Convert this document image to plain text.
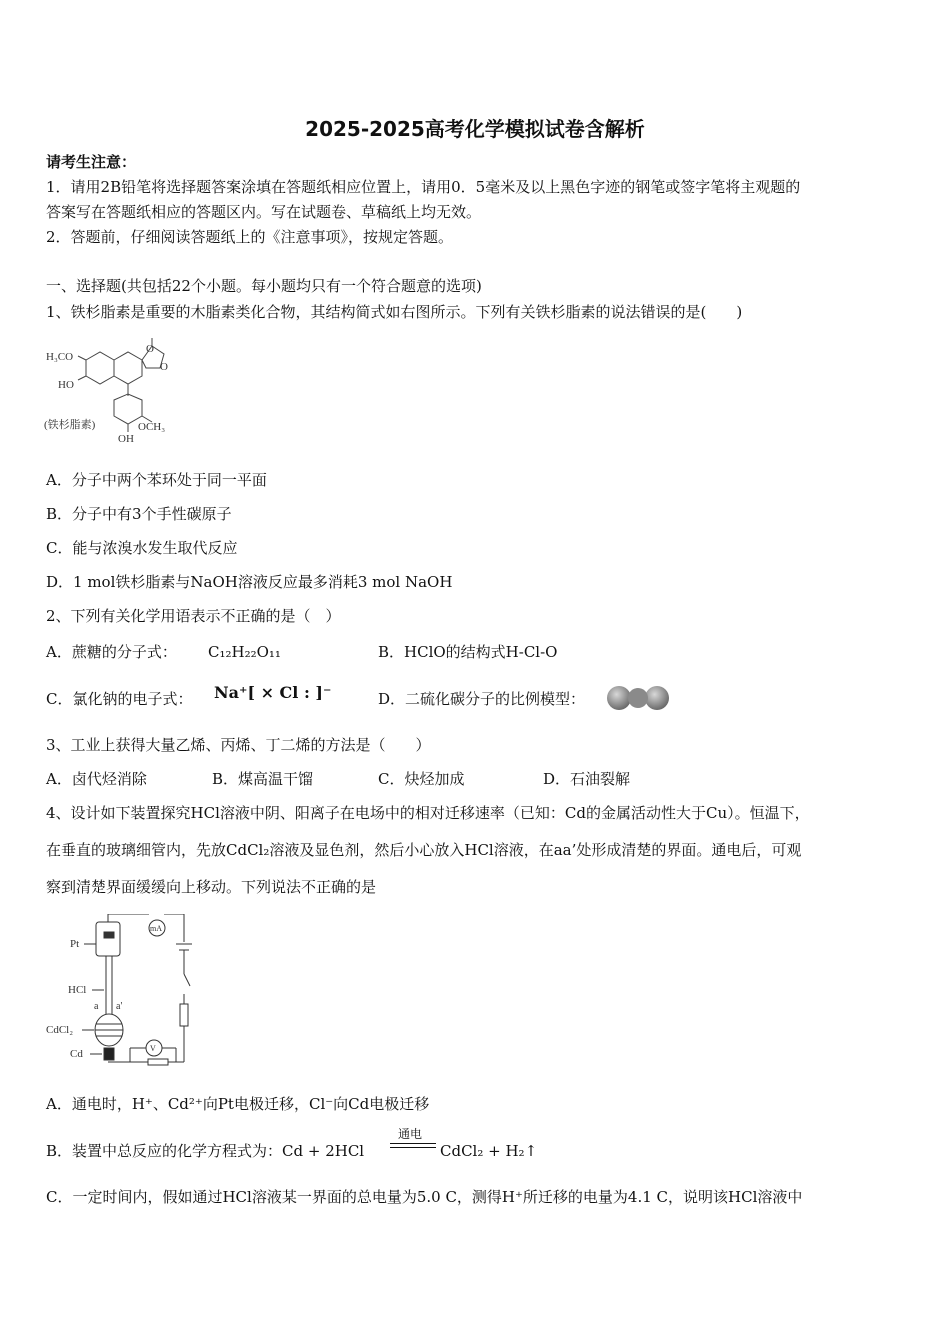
2025-2025高考化学模拟试卷含解析
请考生注意：
1．请用2B铅笔将选择题答案涂填在答题纸相应位置上，请用0．5毫米及以上黑色字迹的钢笔或签字笔将主观题的
答案写在答题纸相应的答题区内。写在试题卷、草稿纸上均无效。
2．答题前，仔细阅读答题纸上的《注意事项》，按规定答题。
一、选择题(共包括22个小题。每小题均只有一个符合题意的选项)
1、铁杉脂素是重要的木脂素类化合物，其结构简式如右图所示。下列有关铁杉脂素的说法错误的是(　　)
H₃CO
HO
O
O
(铁杉脂素)
OH
OCH₃
A．分子中两个苯环处于同一平面
B．分子中有3个手性碳原子
C．能与浓溴水发生取代反应
D．1 mol铁杉脂素与NaOH溶液反应最多消耗3 mol NaOH
2、下列有关化学用语表示不正确的是（　）
A．蔗糖的分子式： C₁₂H₂₂O₁₁	B．HClO的结构式H-Cl-O
C．氯化钠的电子式： Na⁺[ × Cl : ]⁻	D．二硫化碳分子的比例模型：
3、工业上获得大量乙烯、丙烯、丁二烯的方法是（　　）
A．卤代烃消除	B．煤高温干馏	C．炔烃加成	D．石油裂解
4、设计如下装置探究HCl溶液中阴、阳离子在电场中的相对迁移速率（已知：Cd的金属活动性大于Cu）。恒温下，
在垂直的玻璃细管内，先放CdCl₂溶液及显色剂，然后小心放入HCl溶液，在aa’处形成清楚的界面。通电后，可观
察到清楚界面缓缓向上移动。下列说法不正确的是
Pt
mA
HCl
a a'
CdCl₂
Cd	V
A．通电时，H⁺、Cd²⁺向Pt电极迁移，Cl⁻向Cd电极迁移
B．装置中总反应的化学方程式为：Cd + 2HCl
通电
CdCl₂ + H₂↑
C．一定时间内，假如通过HCl溶液某一界面的总电量为5.0 C，测得H⁺所迁移的电量为4.1 C，说明该HCl溶液中
